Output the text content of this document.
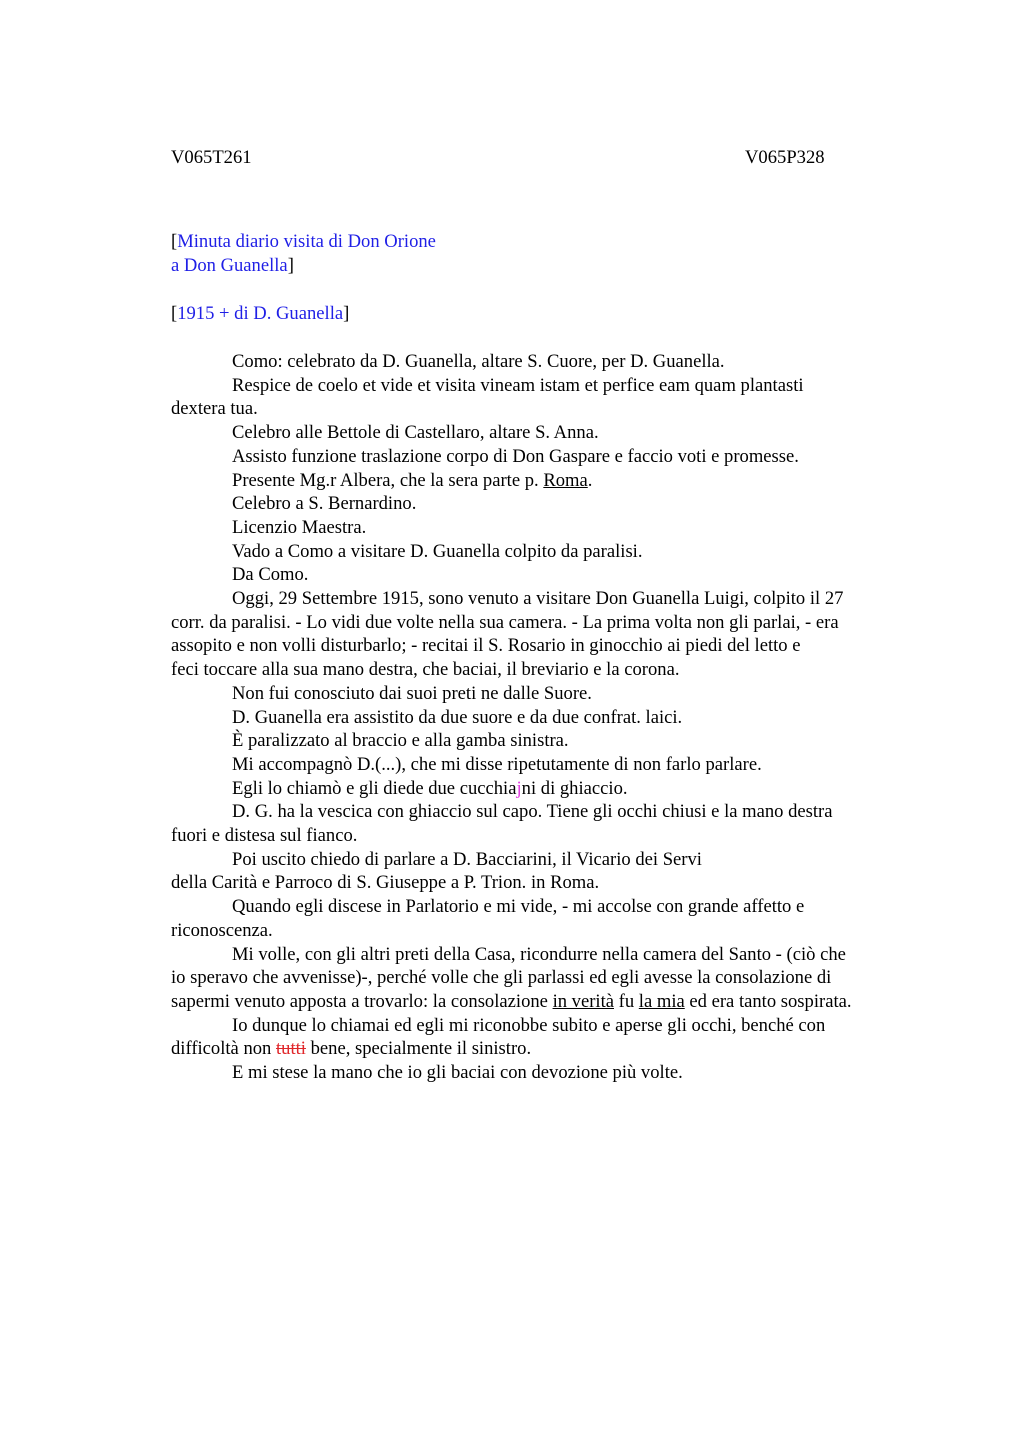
V065T261	V065P328
[Minuta diario visita di Don Orione
a Don Guanella]
[1915 + di D. Guanella]

Como: celebrato da D. Guanella, altare S. Cuore, per D. Guanella.

Respice de coelo et vide et visita vineam istam et perfice eam quam plantasti
dextera tua.

Celebro alle Bettole di Castellaro, altare S. Anna.

Assisto funzione traslazione corpo di Don Gaspare e faccio voti e promesse.

Presente Mg.r Albera, che la sera parte p. Roma.

Celebro a S. Bernardino.

Licenzio Maestra.

Vado a Como a visitare D. Guanella colpito da paralisi.

Da Como.

Oggi, 29 Settembre 1915, sono venuto a visitare Don Guanella Luigi, colpito il 27
corr. da paralisi. - Lo vidi due volte nella sua camera. - La prima volta non gli parlai, - era
assopito e non volli disturbarlo; - recitai il S. Rosario in ginocchio ai piedi del letto e
feci toccare alla sua mano destra, che baciai, il breviario e la corona.

Non fui conosciuto dai suoi preti ne dalle Suore.

D. Guanella era assistito da due suore e da due confrat. laici.

È paralizzato al braccio e alla gamba sinistra.

Mi accompagnò D.(...), che mi disse ripetutamente di non farlo parlare.

Egli lo chiamò e gli diede due cucchiajni di ghiaccio.

D. G. ha la vescica con ghiaccio sul capo. Tiene gli occhi chiusi e la mano destra
fuori e distesa sul fianco.

Poi uscito chiedo di parlare a D. Bacciarini, il Vicario dei Servi
della Carità e Parroco di S. Giuseppe a P. Trion. in Roma.

Quando egli discese in Parlatorio e mi vide, - mi accolse con grande affetto e
riconoscenza.

Mi volle, con gli altri preti della Casa, ricondurre nella camera del Santo - (ciò che
io speravo che avvenisse)-, perché volle che gli parlassi ed egli avesse la consolazione di
sapermi venuto apposta a trovarlo: la consolazione in verità fu la mia ed era tanto sospirata.

Io dunque lo chiamai ed egli mi riconobbe subito e aperse gli occhi, benché con
difficoltà non tutti bene, specialmente il sinistro.

E mi stese la mano che io gli baciai con devozione più volte.
